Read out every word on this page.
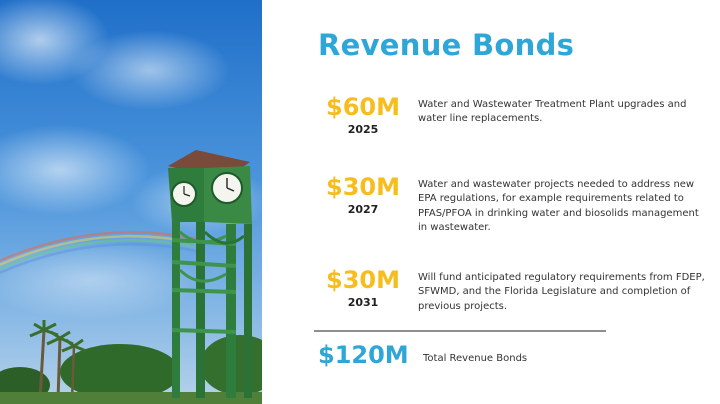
Revenue Bonds
$60M
2025
Water and Wastewater Treatment Plant upgrades and water line replacements.
$30M
2027
Water and wastewater projects needed to address new EPA regulations, for example requirements related to PFAS/PFOA in drinking water and biosolids management in wastewater.
$30M
2031
Will fund anticipated regulatory requirements from FDEP, SFWMD, and the Florida Legislature and completion of previous projects.
$120M Total Revenue Bonds
